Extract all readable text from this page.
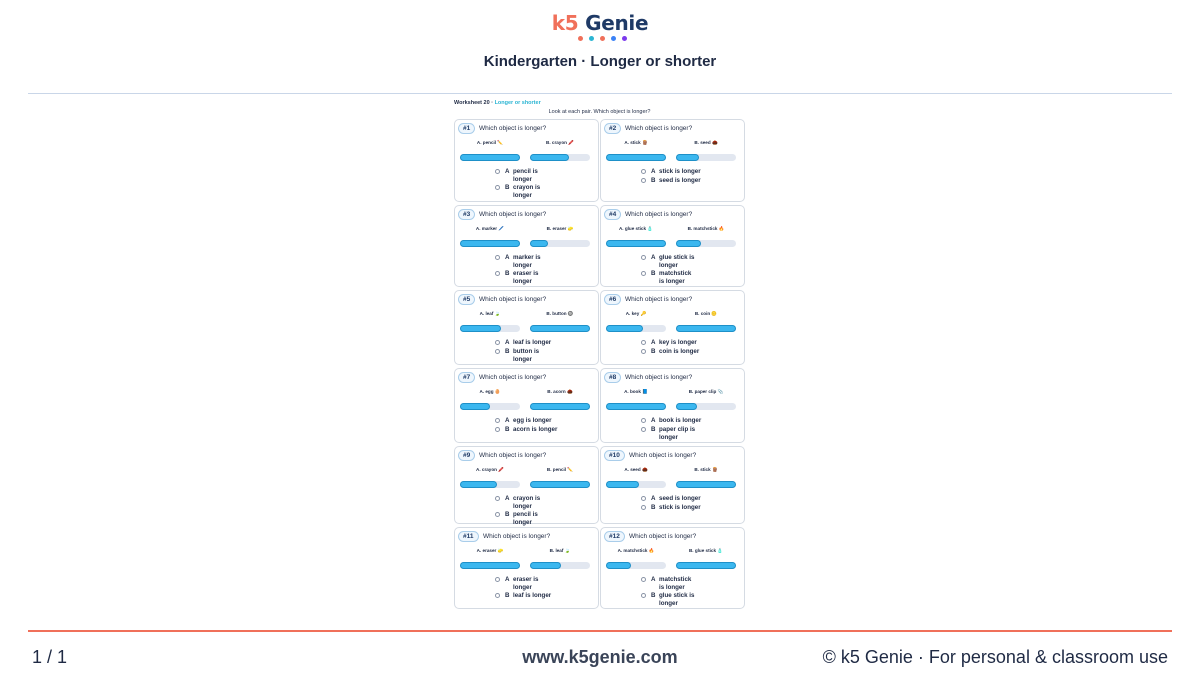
k5 Genie
Kindergarten · Longer or shorter
Worksheet 20 · Longer or shorter
Look at each pair. Which object is longer?
#1	Which object is longer?
A. pencil ✏️	B. crayon 🖍️
A pencil is longer
B crayon is longer
#2	Which object is longer?
A. stick 🪵	B. seed 🌰
A stick is longer
B seed is longer
#3	Which object is longer?
A. marker 🖊️	B. eraser 🧽
A marker is longer
B eraser is longer
#4	Which object is longer?
A. glue stick 🧴	B. matchstick 🔥
A glue stick is longer
B matchstick is longer
#5	Which object is longer?
A. leaf 🍃	B. button 🔘
A leaf is longer
B button is longer
#6	Which object is longer?
A. key 🔑	B. coin 🪙
A key is longer
B coin is longer
#7	Which object is longer?
A. egg 🥚	B. acorn 🌰
A egg is longer
B acorn is longer
#8	Which object is longer?
A. book 📘	B. paper clip 📎
A book is longer
B paper clip is longer
#9	Which object is longer?
A. crayon 🖍️	B. pencil ✏️
A crayon is longer
B pencil is longer
#10	Which object is longer?
A. seed 🌰	B. stick 🪵
A seed is longer
B stick is longer
#11	Which object is longer?
A. eraser 🧽	B. leaf 🍃
A eraser is longer
B leaf is longer
#12	Which object is longer?
A. matchstick 🔥	B. glue stick 🧴
A matchstick is longer
B glue stick is longer
1 / 1	www.k5genie.com	© k5 Genie · For personal & classroom use
